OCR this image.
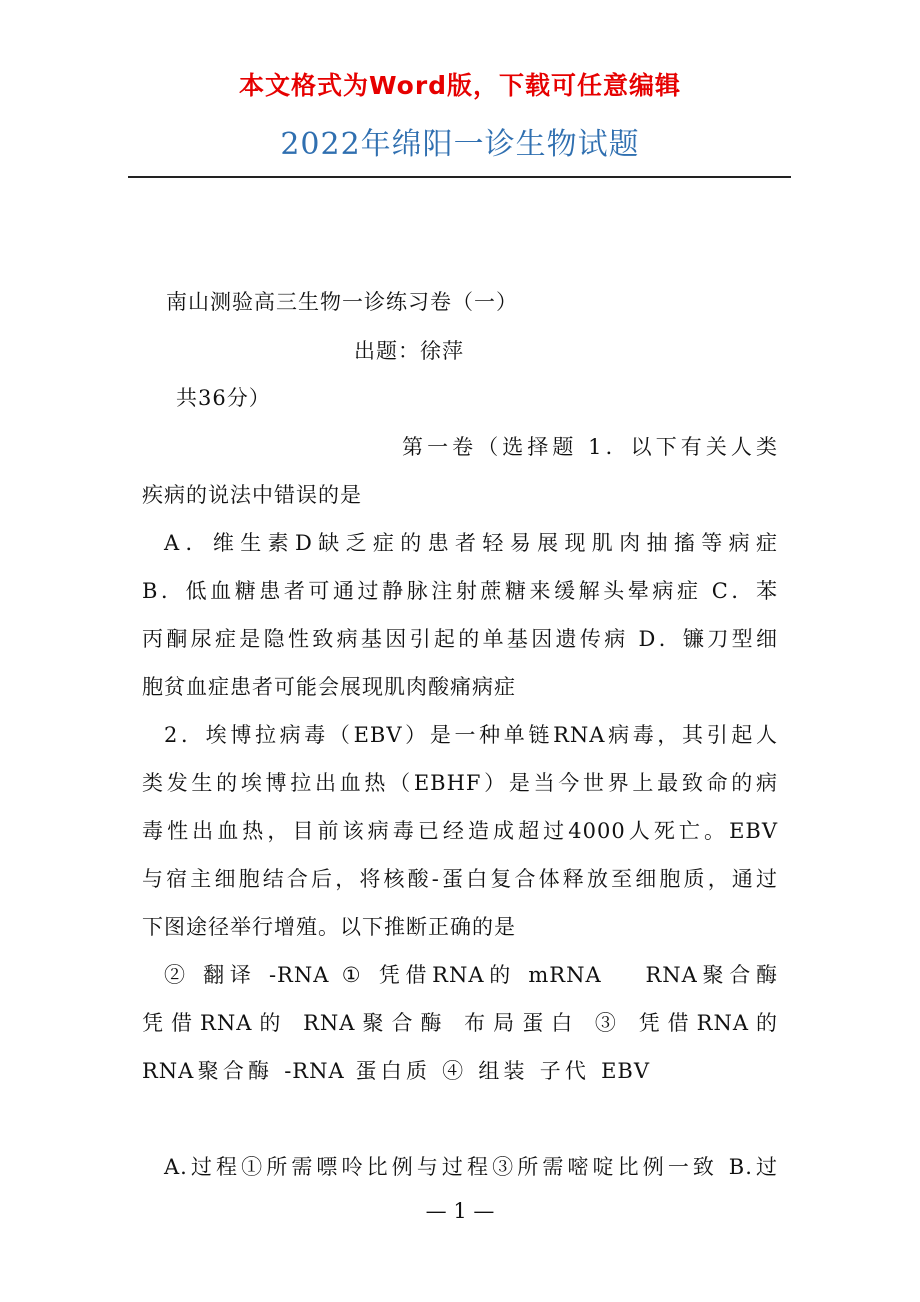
本文格式为Word版，下载可任意编辑
2022年绵阳一诊生物试题
南山测验高三生物一诊练习卷（一）
出题：徐萍
共36分）
第一卷（选择题 1．以下有关人类
疾病的说法中错误的是
A．维生素D缺乏症的患者轻易展现肌肉抽搐等病症
B．低血糖患者可通过静脉注射蔗糖来缓解头晕病症 C．苯
丙酮尿症是隐性致病基因引起的单基因遗传病 D．镰刀型细
胞贫血症患者可能会展现肌肉酸痛病症
2．埃博拉病毒（EBV）是一种单链RNA病毒，其引起人
类发生的埃博拉出血热（EBHF）是当今世界上最致命的病
毒性出血热，目前该病毒已经造成超过4000人死亡。EBV
与宿主细胞结合后，将核酸-蛋白复合体释放至细胞质，通过
下图途径举行增殖。以下推断正确的是
② 翻译 -RNA ① 凭借RNA的 mRNA　 RNA聚合酶
凭借RNA的 RNA聚合酶 布局蛋白 ③ 凭借RNA的
RNA聚合酶 -RNA 蛋白质 ④ 组装 子代 EBV
A.过程①所需嘌呤比例与过程③所需嘧啶比例一致 B.过
— 1 —
